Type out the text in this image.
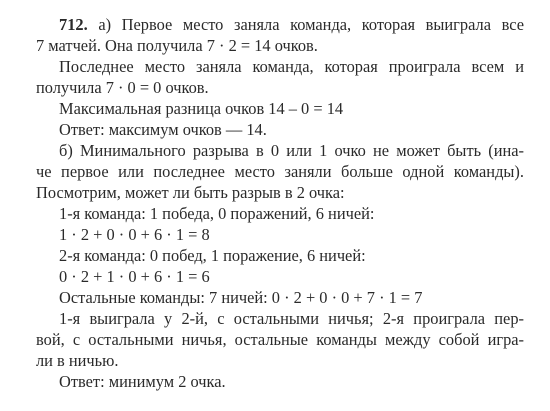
712. а) Первое место заняла команда, которая выиграла все
7 матчей. Она получила 7 · 2 = 14 очков.
Последнее место заняла команда, которая проиграла всем и
получила 7 · 0 = 0 очков.
Максимальная разница очков 14 – 0 = 14
Ответ: максимум очков — 14.
б) Минимального разрыва в 0 или 1 очко не может быть (ина-
че первое или последнее место заняли больше одной команды).
Посмотрим, может ли быть разрыв в 2 очка:
1-я команда: 1 победа, 0 поражений, 6 ничей:
1 · 2 + 0 · 0 + 6 · 1 = 8
2-я команда: 0 побед, 1 поражение, 6 ничей:
0 · 2 + 1 · 0 + 6 · 1 = 6
Остальные команды: 7 ничей: 0 · 2 + 0 · 0 + 7 · 1 = 7
1-я выиграла у 2-й, с остальными ничья; 2-я проиграла пер-
вой, с остальными ничья, остальные команды между собой игра-
ли в ничью.
Ответ: минимум 2 очка.
